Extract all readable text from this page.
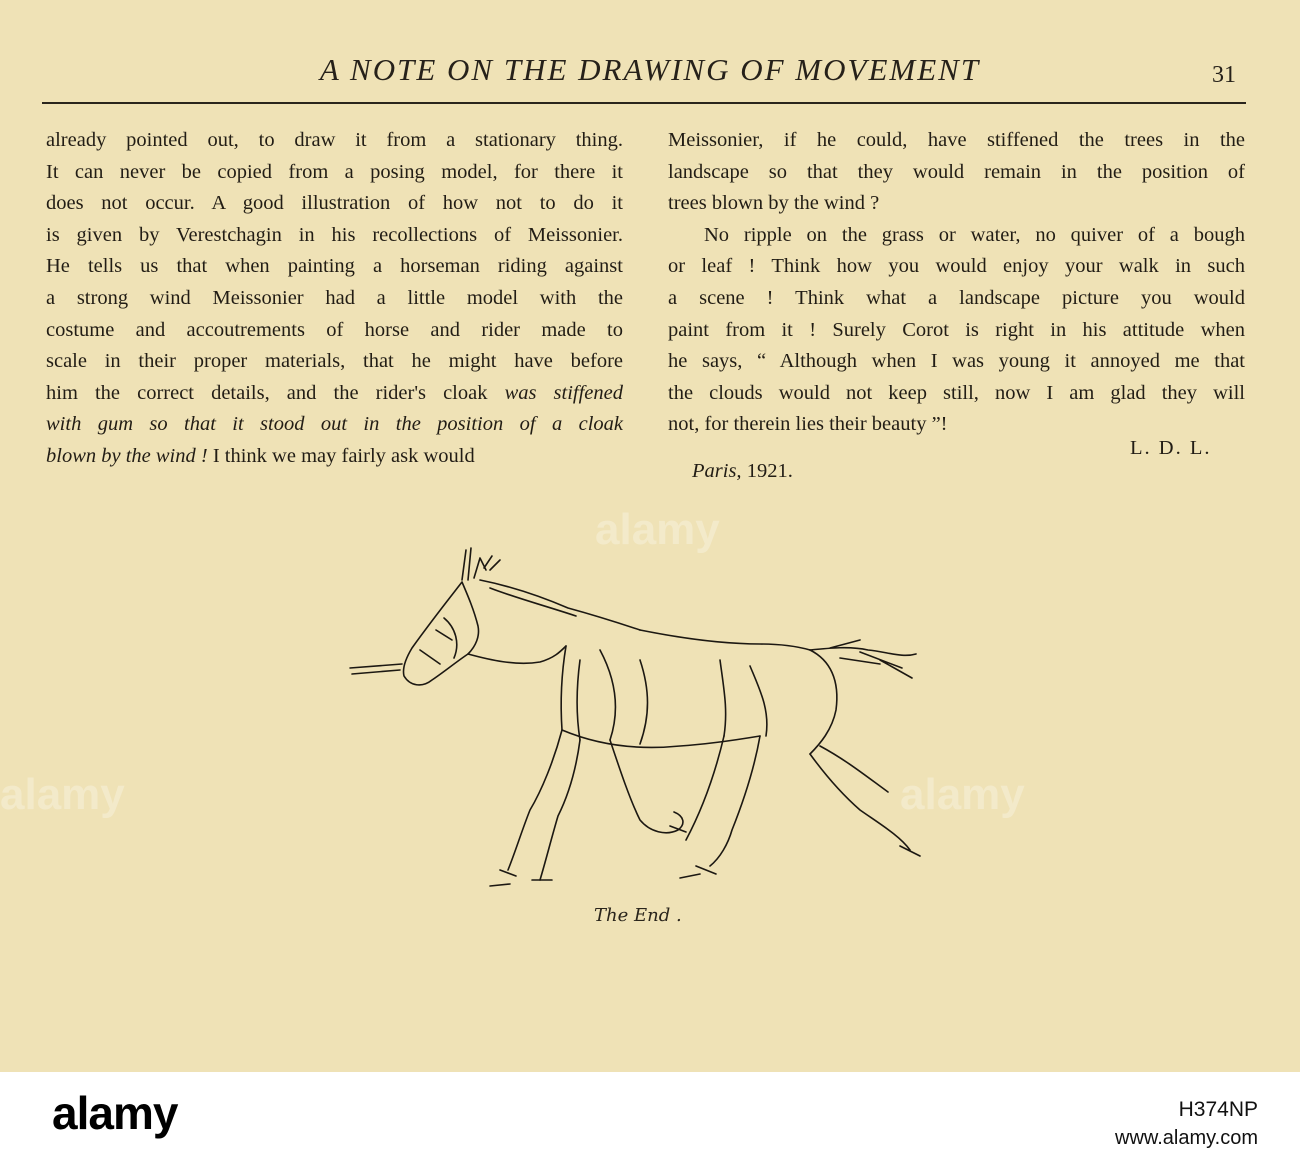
A NOTE ON THE DRAWING OF MOVEMENT	31
already pointed out, to draw it from a stationary thing.
It can never be copied from a posing model, for there it
does not occur. A good illustration of how not to do it
is given by Verestchagin in his recollections of Meissonier.
He tells us that when painting a horseman riding against
a strong wind Meissonier had a little model with the
costume and accoutrements of horse and rider made to
scale in their proper materials, that he might have before
him the correct details, and the rider's cloak was stiffened
with gum so that it stood out in the position of a cloak
blown by the wind ! I think we may fairly ask would
Meissonier, if he could, have stiffened the trees in the
landscape so that they would remain in the position of
trees blown by the wind ?
No ripple on the grass or water, no quiver of a bough
or leaf ! Think how you would enjoy your walk in such
a scene ! Think what a landscape picture you would
paint from it ! Surely Corot is right in his attitude when
he says, “ Although when I was young it annoyed me that
the clouds would not keep still, now I am glad they will
not, for therein lies their beauty ”!
L. D. L.
Paris, 1921.
The End .
alamy
alamy	alamy
alamy	H374NP
www.alamy.com
